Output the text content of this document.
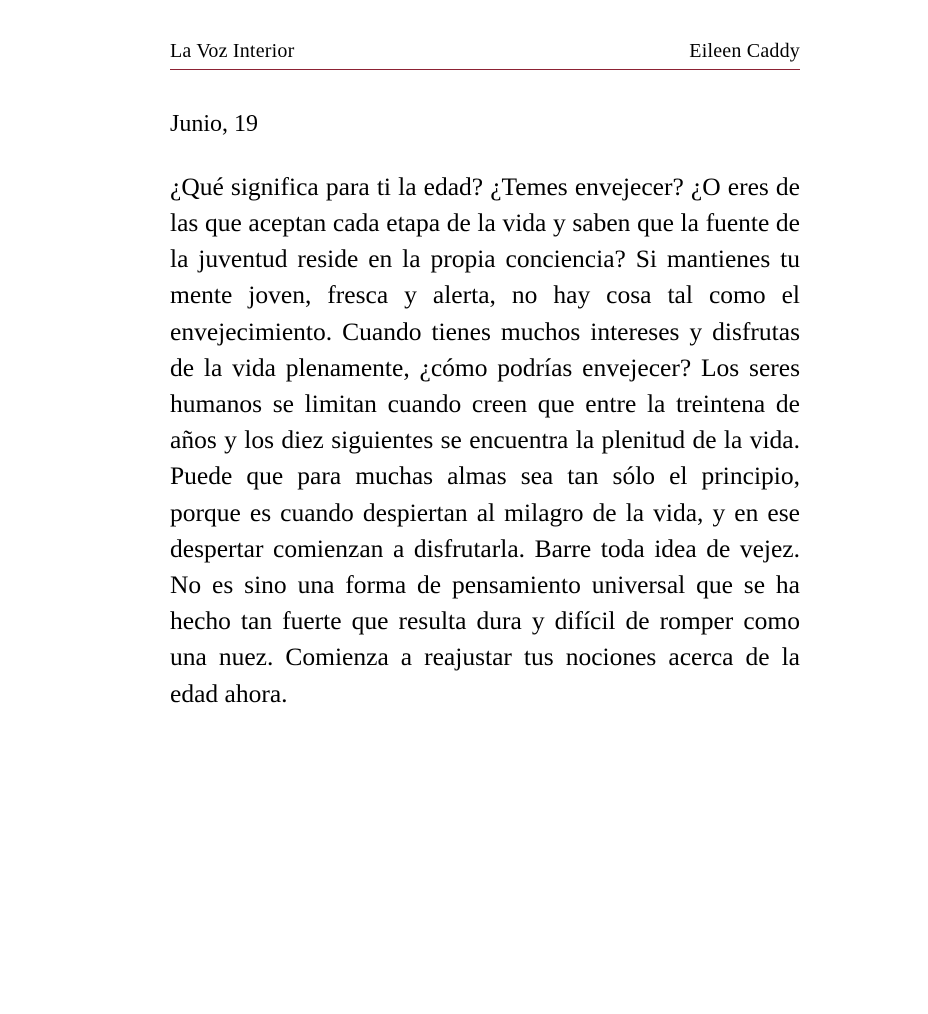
La Voz Interior	Eileen Caddy
Junio, 19
¿Qué significa para ti la edad? ¿Temes envejecer? ¿O eres de las que aceptan cada etapa de la vida y saben que la fuente de la juventud reside en la propia conciencia? Si mantienes tu mente joven, fresca y alerta, no hay cosa tal como el envejecimiento. Cuando tienes muchos intereses y disfrutas de la vida plenamente, ¿cómo podrías envejecer? Los seres humanos se limitan cuando creen que entre la treintena de años y los diez siguientes se encuentra la plenitud de la vida. Puede que para muchas almas sea tan sólo el principio, porque es cuando despiertan al milagro de la vida, y en ese despertar comienzan a disfrutarla. Barre toda idea de vejez. No es sino una forma de pensamiento universal que se ha hecho tan fuerte que resulta dura y difícil de romper como una nuez. Comienza a reajustar tus nociones acerca de la edad ahora.
